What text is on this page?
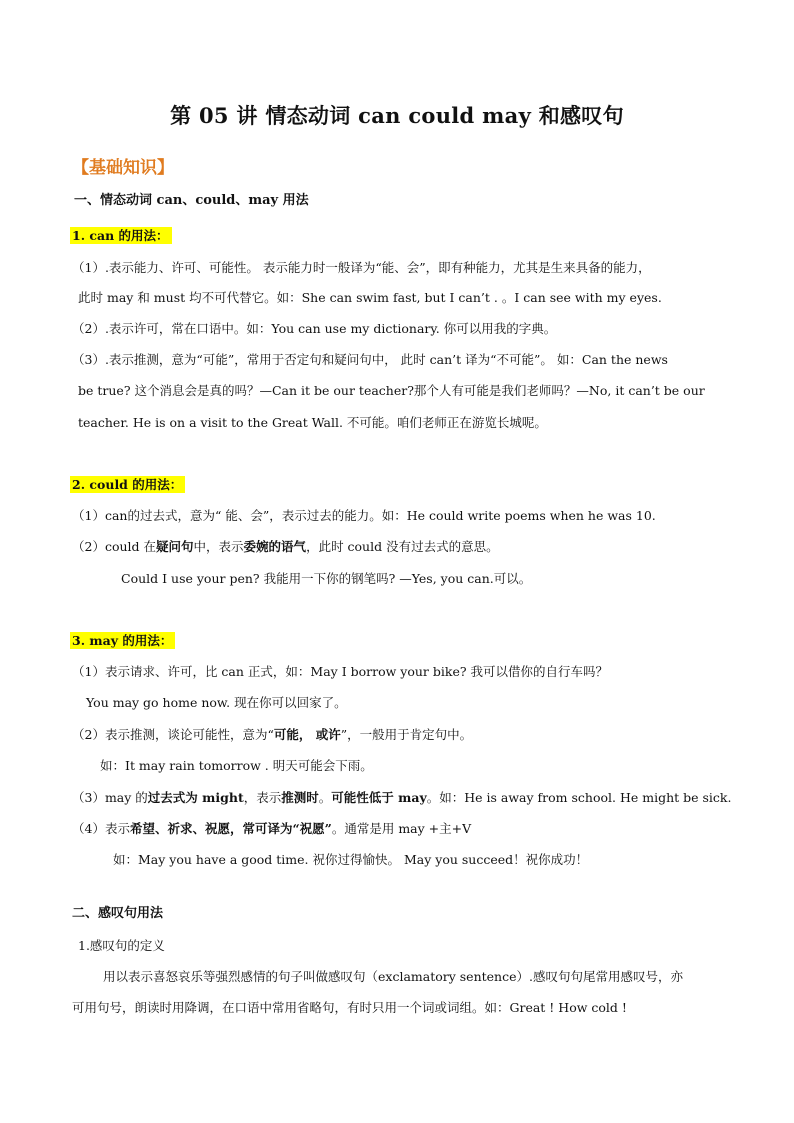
第 05 讲 情态动词 can could may 和感叹句
【基础知识】
一、情态动词 can、could、may 用法
1. can 的用法：
（1）.表示能力、许可、可能性。 表示能力时一般译为“能、会”，即有种能力，尤其是生来具备的能力，
此时 may 和 must 均不可代替它。如：She can swim fast, but I can’t . 。I can see with my eyes.
（2）.表示许可，常在口语中。如：You can use my dictionary. 你可以用我的字典。
（3）.表示推测，意为“可能”，常用于否定句和疑问句中， 此时 can’t 译为“不可能”。 如：Can the news
be true? 这个消息会是真的吗？—Can it be our teacher?那个人有可能是我们老师吗？—No, it can’t be our
teacher. He is on a visit to the Great Wall. 不可能。咱们老师正在游览长城呢。
2. could 的用法：
（1）can的过去式，意为“ 能、会”，表示过去的能力。如：He could write poems when he was 10.
（2）could 在疑问句中，表示委婉的语气，此时 could 没有过去式的意思。
Could I use your pen? 我能用一下你的钢笔吗? —Yes, you can.可以。
3. may 的用法：
（1）表示请求、许可，比 can 正式，如：May I borrow your bike? 我可以借你的自行车吗？
You may go home now. 现在你可以回家了。
（2）表示推测，谈论可能性，意为“可能， 或许”，一般用于肯定句中。
如：It may rain tomorrow . 明天可能会下雨。
（3）may 的过去式为 might，表示推测时。可能性低于 may。如：He is away from school. He might be sick.
（4）表示希望、祈求、祝愿，常可译为“祝愿”。通常是用 may +主+V
如：May you have a good time. 祝你过得愉快。 May you succeed！祝你成功！
二、感叹句用法
1.感叹句的定义
用以表示喜怒哀乐等强烈感情的句子叫做感叹句（exclamatory sentence）.感叹句句尾常用感叹号，亦
可用句号，朗读时用降调，在口语中常用省略句，有时只用一个词或词组。如：Great ! How cold !
